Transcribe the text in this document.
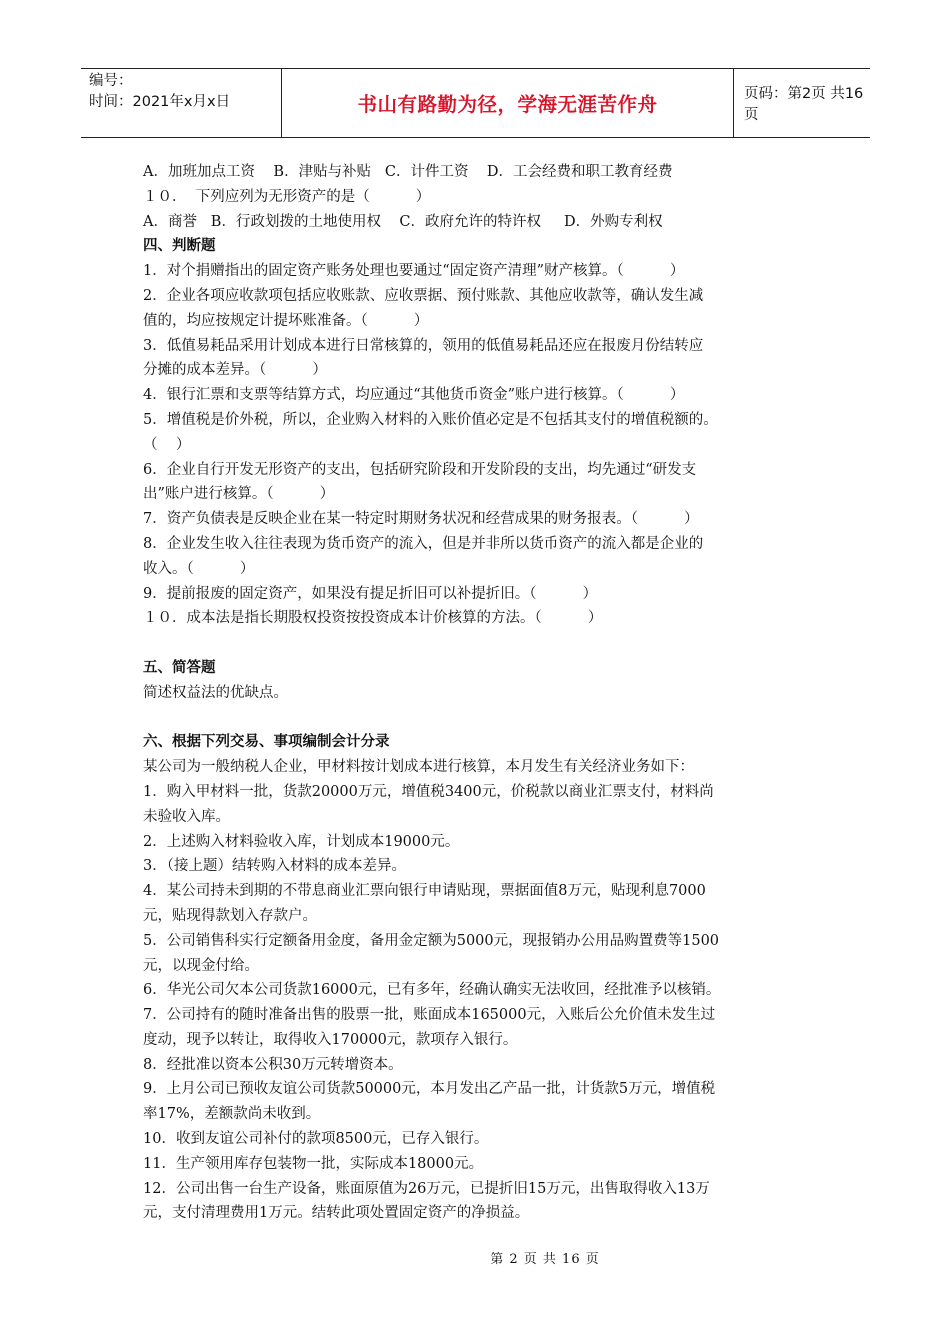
编号：
时间：2021年x月x日	书山有路勤为径，学海无涯苦作舟	页码：第2页 共16页
A．加班加点工资    B．津贴与补贴   C．计件工资    D．工会经费和职工教育经费
１０．  下列应列为无形资产的是（          ）
A．商誉   B．行政划拨的土地使用权    C．政府允许的特许权     D．外购专利权
四、判断题
1．对个捐赠指出的固定资产账务处理也要通过“固定资产清理”财产核算。（          ）
2．企业各项应收款项包括应收账款、应收票据、预付账款、其他应收款等，确认发生减
值的，均应按规定计提坏账准备。（          ）
3．低值易耗品采用计划成本进行日常核算的，领用的低值易耗品还应在报废月份结转应
分摊的成本差异。（          ）
4．银行汇票和支票等结算方式，均应通过“其他货币资金”账户进行核算。（          ）
5．增值税是价外税，所以，企业购入材料的入账价值必定是不包括其支付的增值税额的。
（    ）
6．企业自行开发无形资产的支出，包括研究阶段和开发阶段的支出，均先通过“研发支
出”账户进行核算。（          ）
7．资产负债表是反映企业在某一特定时期财务状况和经营成果的财务报表。（          ）
8．企业发生收入往往表现为货币资产的流入，但是并非所以货币资产的流入都是企业的
收入。（          ）
9．提前报废的固定资产，如果没有提足折旧可以补提折旧。（          ）
１０．成本法是指长期股权投资按投资成本计价核算的方法。（          ）
五、简答题
简述权益法的优缺点。
六、根据下列交易、事项编制会计分录
某公司为一般纳税人企业，甲材料按计划成本进行核算，本月发生有关经济业务如下：
1．购入甲材料一批，货款20000万元，增值税3400元，价税款以商业汇票支付，材料尚
未验收入库。
2．上述购入材料验收入库，计划成本19000元。
3．（接上题）结转购入材料的成本差异。
4．某公司持未到期的不带息商业汇票向银行申请贴现，票据面值8万元，贴现利息7000
元，贴现得款划入存款户。
5．公司销售科实行定额备用金度，备用金定额为5000元，现报销办公用品购置费等1500
元，以现金付给。
6．华光公司欠本公司货款16000元，已有多年，经确认确实无法收回，经批准予以核销。
7．公司持有的随时准备出售的股票一批，账面成本165000元，入账后公允价值未发生过
度动，现予以转让，取得收入170000元，款项存入银行。
8．经批准以资本公积30万元转增资本。
9．上月公司已预收友谊公司货款50000元，本月发出乙产品一批，计货款5万元，增值税
率17%，差额款尚未收到。
10．收到友谊公司补付的款项8500元，已存入银行。
11．生产领用库存包装物一批，实际成本18000元。
12．公司出售一台生产设备，账面原值为26万元，已提折旧15万元，出售取得收入13万
元，支付清理费用1万元。结转此项处置固定资产的净损益。
第 2 页 共 16 页
